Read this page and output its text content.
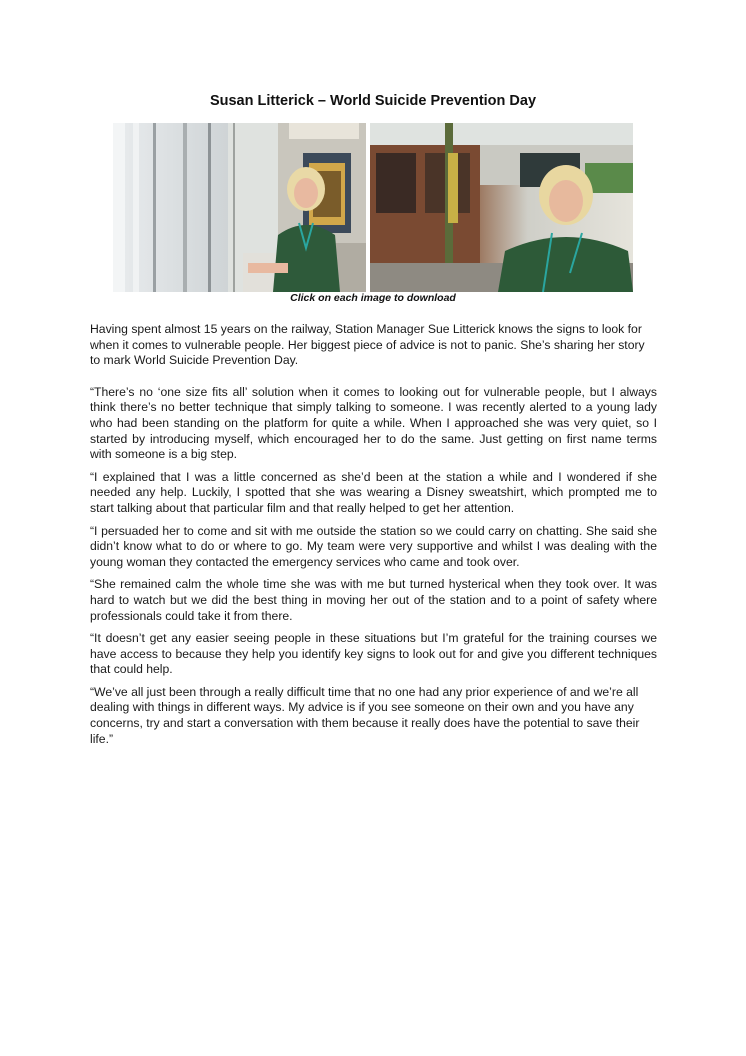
Susan Litterick – World Suicide Prevention Day
Click on each image to download

Having spent almost 15 years on the railway, Station Manager Sue Litterick knows the signs to look for when it comes to vulnerable people. Her biggest piece of advice is not to panic. She’s sharing her story to mark World Suicide Prevention Day.

“There’s no ‘one size fits all’ solution when it comes to looking out for vulnerable people, but I always think there’s no better technique that simply talking to someone. I was recently alerted to a young lady who had been standing on the platform for quite a while. When I approached she was very quiet, so I started by introducing myself, which encouraged her to do the same. Just getting on first name terms with someone is a big step.

“I explained that I was a little concerned as she’d been at the station a while and I wondered if she needed any help. Luckily, I spotted that she was wearing a Disney sweatshirt, which prompted me to start talking about that particular film and that really helped to get her attention.

“I persuaded her to come and sit with me outside the station so we could carry on chatting. She said she didn’t know what to do or where to go. My team were very supportive and whilst I was dealing with the young woman they contacted the emergency services who came and took over.

“She remained calm the whole time she was with me but turned hysterical when they took over. It was hard to watch but we did the best thing in moving her out of the station and to a point of safety where professionals could take it from there.

“It doesn’t get any easier seeing people in these situations but I’m grateful for the training courses we have access to because they help you identify key signs to look out for and give you different techniques that could help.

“We’ve all just been through a really difficult time that no one had any prior experience of and we’re all dealing with things in different ways. My advice is if you see someone on their own and you have any concerns, try and start a conversation with them because it really does have the potential to save their life.”
